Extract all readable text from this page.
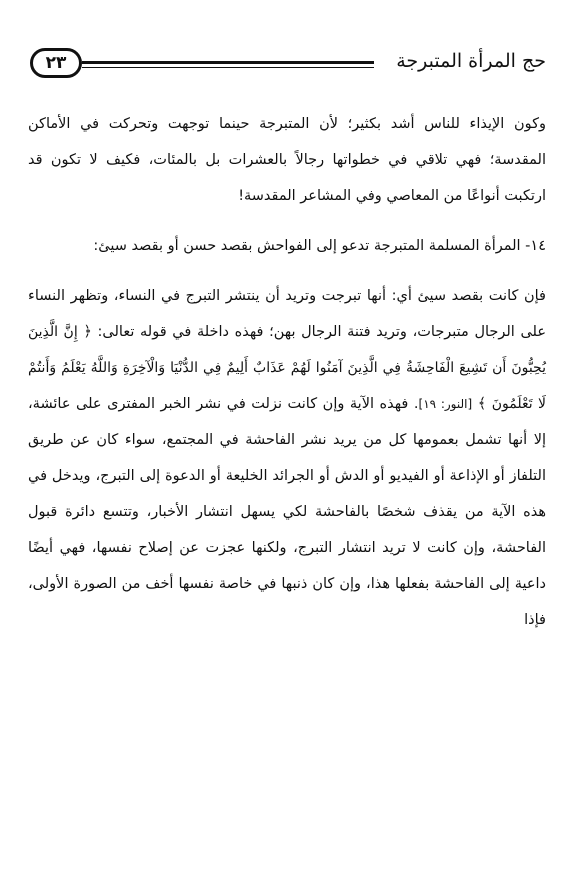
حج المرأة المتبرجة
٢٣

وكون الإيذاء للناس أشد بكثير؛ لأن المتبرجة حينما توجهت وتحركت في الأماكن المقدسة؛ فهي تلاقي في خطواتها رجالاً بالعشرات بل بالمئات، فكيف لا تكون قد ارتكبت أنواعًا من المعاصي وفي المشاعر المقدسة!

١٤- المرأة المسلمة المتبرجة تدعو إلى الفواحش بقصد حسن أو بقصد سيئ:

فإن كانت بقصد سيئ أي: أنها تبرجت وتريد أن ينتشر التبرج في النساء، وتظهر النساء على الرجال متبرجات، وتريد فتنة الرجال بهن؛ فهذه داخلة في قوله تعالى: ﴿ إِنَّ الَّذِينَ يُحِبُّونَ أَن تَشِيعَ الْفَاحِشَةُ فِي الَّذِينَ آمَنُوا لَهُمْ عَذَابٌ أَلِيمٌ فِي الدُّنْيَا وَالْآخِرَةِ وَاللَّهُ يَعْلَمُ وَأَنتُمْ لَا تَعْلَمُونَ ﴾ [النور: ١٩]. فهذه الآية وإن كانت نزلت في نشر الخبر المفترى على عائشة، إلا أنها تشمل بعمومها كل من يريد نشر الفاحشة في المجتمع، سواء كان عن طريق التلفاز أو الإذاعة أو الفيديو أو الدش أو الجرائد الخليعة أو الدعوة إلى التبرج، ويدخل في هذه الآية من يقذف شخصًا بالفاحشة لكي يسهل انتشار الأخبار، وتتسع دائرة قبول الفاحشة، وإن كانت لا تريد انتشار التبرج، ولكنها عجزت عن إصلاح نفسها، فهي أيضًا داعية إلى الفاحشة بفعلها هذا، وإن كان ذنبها في خاصة نفسها أخف من الصورة الأولى، فإذا
